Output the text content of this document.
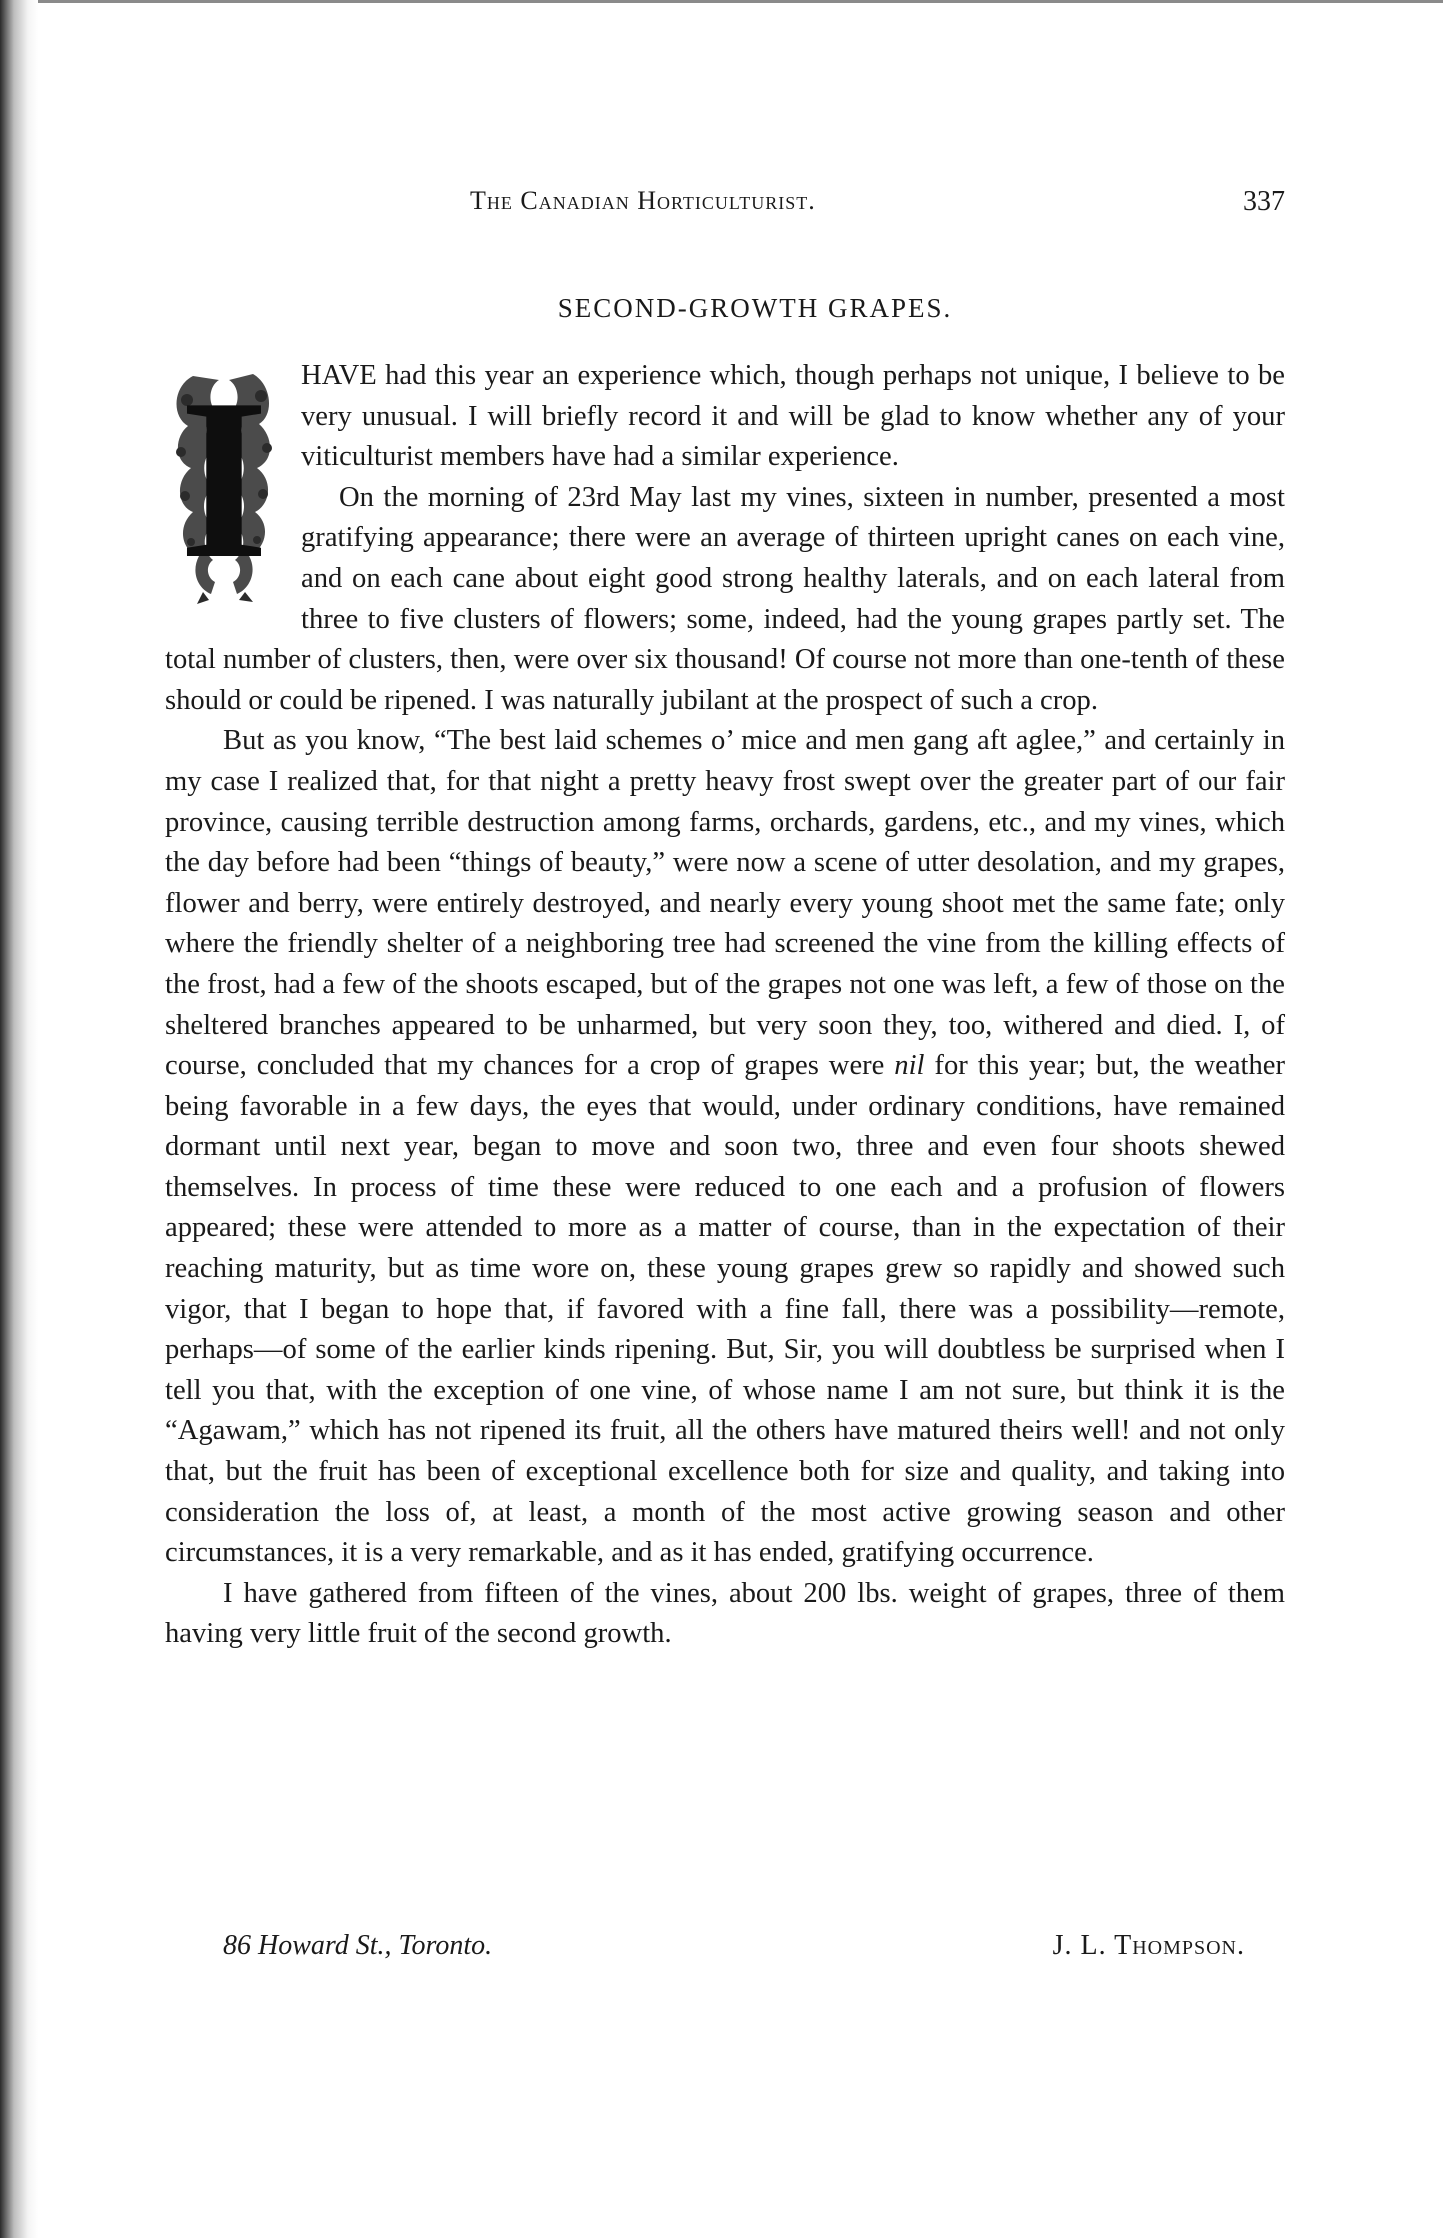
The Canadian Horticulturist.	337
SECOND-GROWTH GRAPES.
I	HAVE had this year an experience which, though perhaps not unique, I believe to be very unusual. I will briefly record it and will be glad to know whether any of your viticulturist members have had a similar experience.

On the morning of 23rd May last my vines, sixteen in number, presented a most gratifying appearance; there were an average of thirteen upright canes on each vine, and on each cane about eight good strong healthy laterals, and on each lateral from three to five clusters of flowers; some, indeed, had the young grapes partly set. The total number of clusters, then, were over six thousand! Of course not more than one-tenth of these should or could be ripened. I was naturally jubilant at the prospect of such a crop.

But as you know, “The best laid schemes o’ mice and men gang aft aglee,” and certainly in my case I realized that, for that night a pretty heavy frost swept over the greater part of our fair province, causing terrible destruction among farms, orchards, gardens, etc., and my vines, which the day before had been “things of beauty,” were now a scene of utter desolation, and my grapes, flower and berry, were entirely destroyed, and nearly every young shoot met the same fate; only where the friendly shelter of a neighboring tree had screened the vine from the killing effects of the frost, had a few of the shoots escaped, but of the grapes not one was left, a few of those on the sheltered branches appeared to be unharmed, but very soon they, too, withered and died. I, of course, concluded that my chances for a crop of grapes were nil for this year; but, the weather being favorable in a few days, the eyes that would, under ordinary conditions, have remained dormant until next year, began to move and soon two, three and even four shoots shewed themselves. In process of time these were reduced to one each and a profusion of flowers appeared; these were attended to more as a matter of course, than in the expectation of their reaching maturity, but as time wore on, these young grapes grew so rapidly and showed such vigor, that I began to hope that, if favored with a fine fall, there was a possibility—remote, perhaps—of some of the earlier kinds ripening. But, Sir, you will doubtless be surprised when I tell you that, with the exception of one vine, of whose name I am not sure, but think it is the “Agawam,” which has not ripened its fruit, all the others have matured theirs well! and not only that, but the fruit has been of exceptional excellence both for size and quality, and taking into consideration the loss of, at least, a month of the most active growing season and other circumstances, it is a very remarkable, and as it has ended, gratifying occurrence.

I have gathered from fifteen of the vines, about 200 lbs. weight of grapes, three of them having very little fruit of the second growth.

86 Howard St., Toronto.	J. L. Thompson.
